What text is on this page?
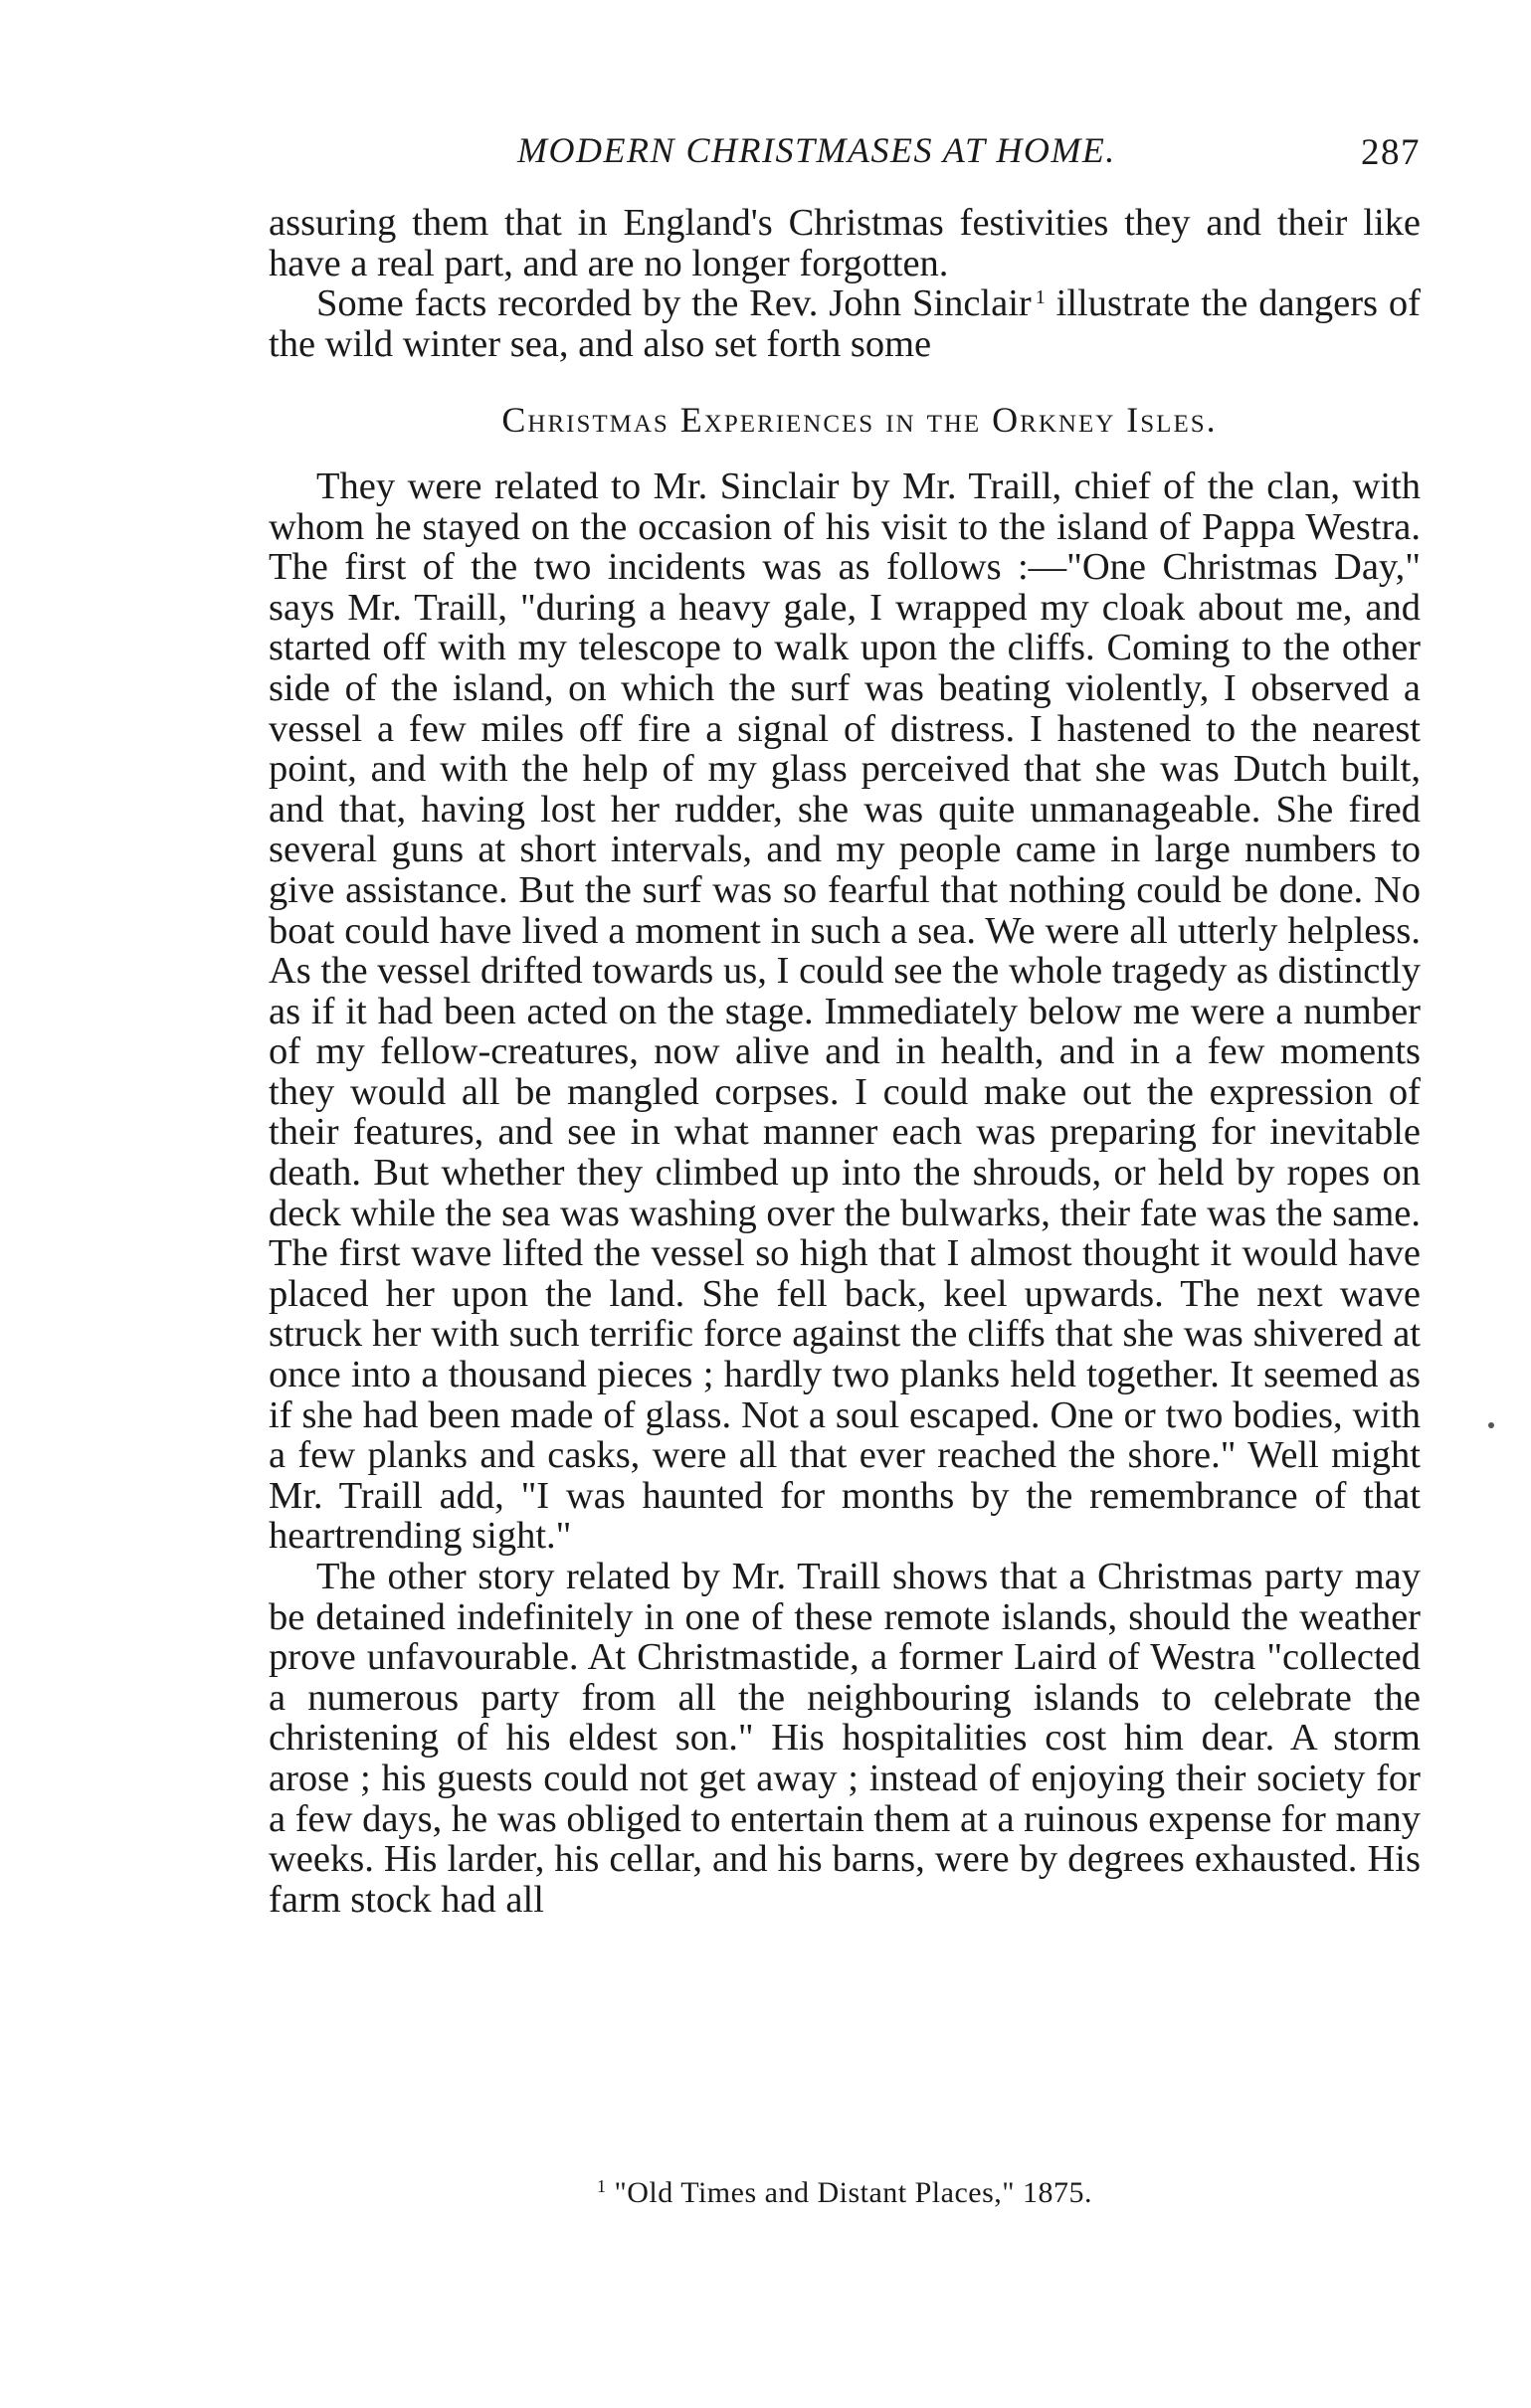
MODERN CHRISTMASES AT HOME.	287

assuring them that in England's Christmas festivities they and their like have a real part, and are no longer forgotten.

Some facts recorded by the Rev. John Sinclair $^1$ illustrate the dangers of the wild winter sea, and also set forth some

Christmas Experiences in the Orkney Isles.

They were related to Mr. Sinclair by Mr. Traill, chief of the clan, with whom he stayed on the occasion of his visit to the island of Pappa Westra. The first of the two incidents was as follows :—"One Christmas Day," says Mr. Traill, "during a heavy gale, I wrapped my cloak about me, and started off with my telescope to walk upon the cliffs. Coming to the other side of the island, on which the surf was beating violently, I observed a vessel a few miles off fire a signal of distress. I hastened to the nearest point, and with the help of my glass perceived that she was Dutch built, and that, having lost her rudder, she was quite unmanageable. She fired several guns at short intervals, and my people came in large numbers to give assistance. But the surf was so fearful that nothing could be done. No boat could have lived a moment in such a sea. We were all utterly helpless. As the vessel drifted towards us, I could see the whole tragedy as distinctly as if it had been acted on the stage. Immediately below me were a number of my fellow-creatures, now alive and in health, and in a few moments they would all be mangled corpses. I could make out the expression of their features, and see in what manner each was preparing for inevitable death. But whether they climbed up into the shrouds, or held by ropes on deck while the sea was washing over the bulwarks, their fate was the same. The first wave lifted the vessel so high that I almost thought it would have placed her upon the land. She fell back, keel upwards. The next wave struck her with such terrific force against the cliffs that she was shivered at once into a thousand pieces ; hardly two planks held together. It seemed as if she had been made of glass. Not a soul escaped. One or two bodies, with a few planks and casks, were all that ever reached the shore." Well might Mr. Traill add, "I was haunted for months by the remembrance of that heartrending sight."

The other story related by Mr. Traill shows that a Christmas party may be detained indefinitely in one of these remote islands, should the weather prove unfavourable. At Christmastide, a former Laird of Westra "collected a numerous party from all the neighbouring islands to celebrate the christening of his eldest son." His hospitalities cost him dear. A storm arose ; his guests could not get away ; instead of enjoying their society for a few days, he was obliged to entertain them at a ruinous expense for many weeks. His larder, his cellar, and his barns, were by degrees exhausted. His farm stock had all

$^1$ "Old Times and Distant Places," 1875.
